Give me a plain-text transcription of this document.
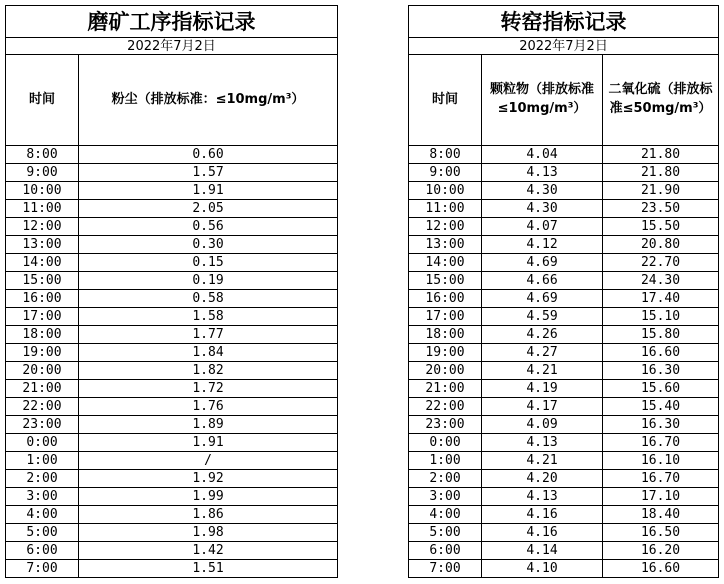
磨矿工序指标记录	
2022年7月2日	
时间	粉尘（排放标准：≤10mg/m³）
8:00	0.60
9:00	1.57
10:00	1.91
11:00	2.05
12:00	0.56
13:00	0.30
14:00	0.15
15:00	0.19
16:00	0.58
17:00	1.58
18:00	1.77
19:00	1.84
20:00	1.82
21:00	1.72
22:00	1.76
23:00	1.89
0:00	1.91
1:00	/
2:00	1.92
3:00	1.99
4:00	1.86
5:00	1.98
6:00	1.42
7:00	1.51
转窑指标记录		
2022年7月2日		
时间	颗粒物（排放标准≤10mg/m³）	二氧化硫（排放标准≤50mg/m³）
8:00	4.04	21.80
9:00	4.13	21.80
10:00	4.30	21.90
11:00	4.30	23.50
12:00	4.07	15.50
13:00	4.12	20.80
14:00	4.69	22.70
15:00	4.66	24.30
16:00	4.69	17.40
17:00	4.59	15.10
18:00	4.26	15.80
19:00	4.27	16.60
20:00	4.21	16.30
21:00	4.19	15.60
22:00	4.17	15.40
23:00	4.09	16.30
0:00	4.13	16.70
1:00	4.21	16.10
2:00	4.20	16.70
3:00	4.13	17.10
4:00	4.16	18.40
5:00	4.16	16.50
6:00	4.14	16.20
7:00	4.10	16.60
